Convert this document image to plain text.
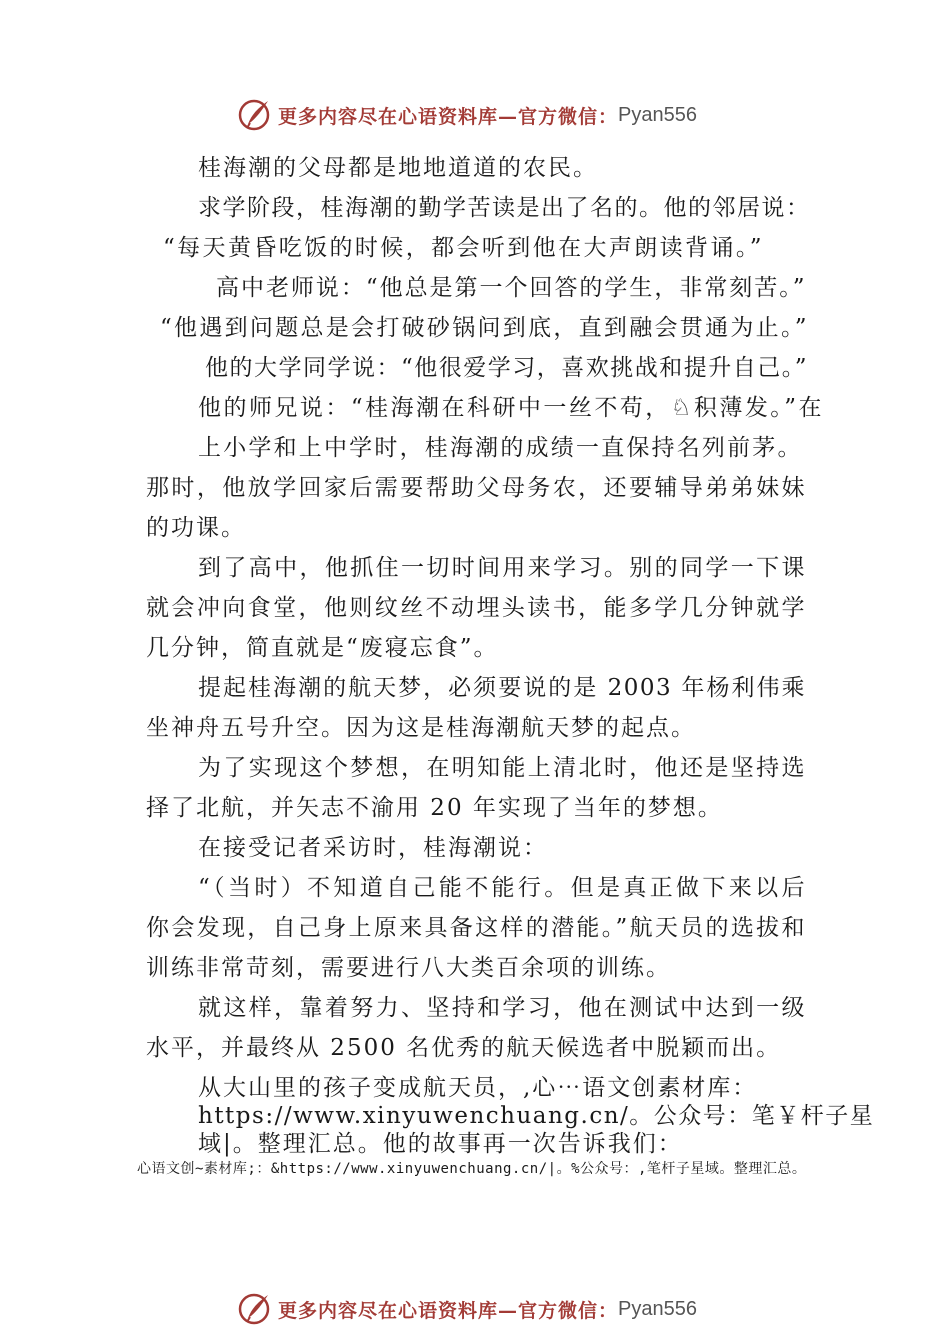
更多内容尽在心语资料库—官方微信： Pyan556
桂海潮的父母都是地地道道的农民。
求学阶段，桂海潮的勤学苦读是出了名的。他的邻居说：
“每天黄昏吃饭的时候，都会听到他在大声朗读背诵。”
高中老师说：“他总是第一个回答的学生，非常刻苦。”
“他遇到问题总是会打破砂锅问到底，直到融会贯通为止。”
他的大学同学说：“他很爱学习，喜欢挑战和提升自己。”
他的师兄说：“桂海潮在科研中一丝不苟，♘积薄发。”在
上小学和上中学时，桂海潮的成绩一直保持名列前茅。
那时，他放学回家后需要帮助父母务农，还要辅导弟弟妹妹
的功课。
到了高中，他抓住一切时间用来学习。别的同学一下课
就会冲向食堂，他则纹丝不动埋头读书，能多学几分钟就学
几分钟，简直就是“废寝忘食”。
提起桂海潮的航天梦，必须要说的是 2003 年杨利伟乘
坐神舟五号升空。因为这是桂海潮航天梦的起点。
为了实现这个梦想，在明知能上清北时，他还是坚持选
择了北航，并矢志不渝用 20 年实现了当年的梦想。
在接受记者采访时，桂海潮说：
“（当时）不知道自己能不能行。但是真正做下来以后
你会发现，自己身上原来具备这样的潜能。”航天员的选拔和
训练非常苛刻，需要进行八大类百余项的训练。
就这样，靠着努力、坚持和学习，他在测试中达到一级
水平，并最终从 2500 名优秀的航天候选者中脱颖而出。
从大山里的孩子变成航天员，,心⋯语文创素材库：
https://www.xinyuwenchuang.cn/。公众号：笔￥杆子星
域|。整理汇总。他的故事再一次告诉我们：
心语文创~素材库;：&https://www.xinyuwenchuang.cn/|。%公众号：,笔杆子星域。整理汇总。
更多内容尽在心语资料库—官方微信： Pyan556
